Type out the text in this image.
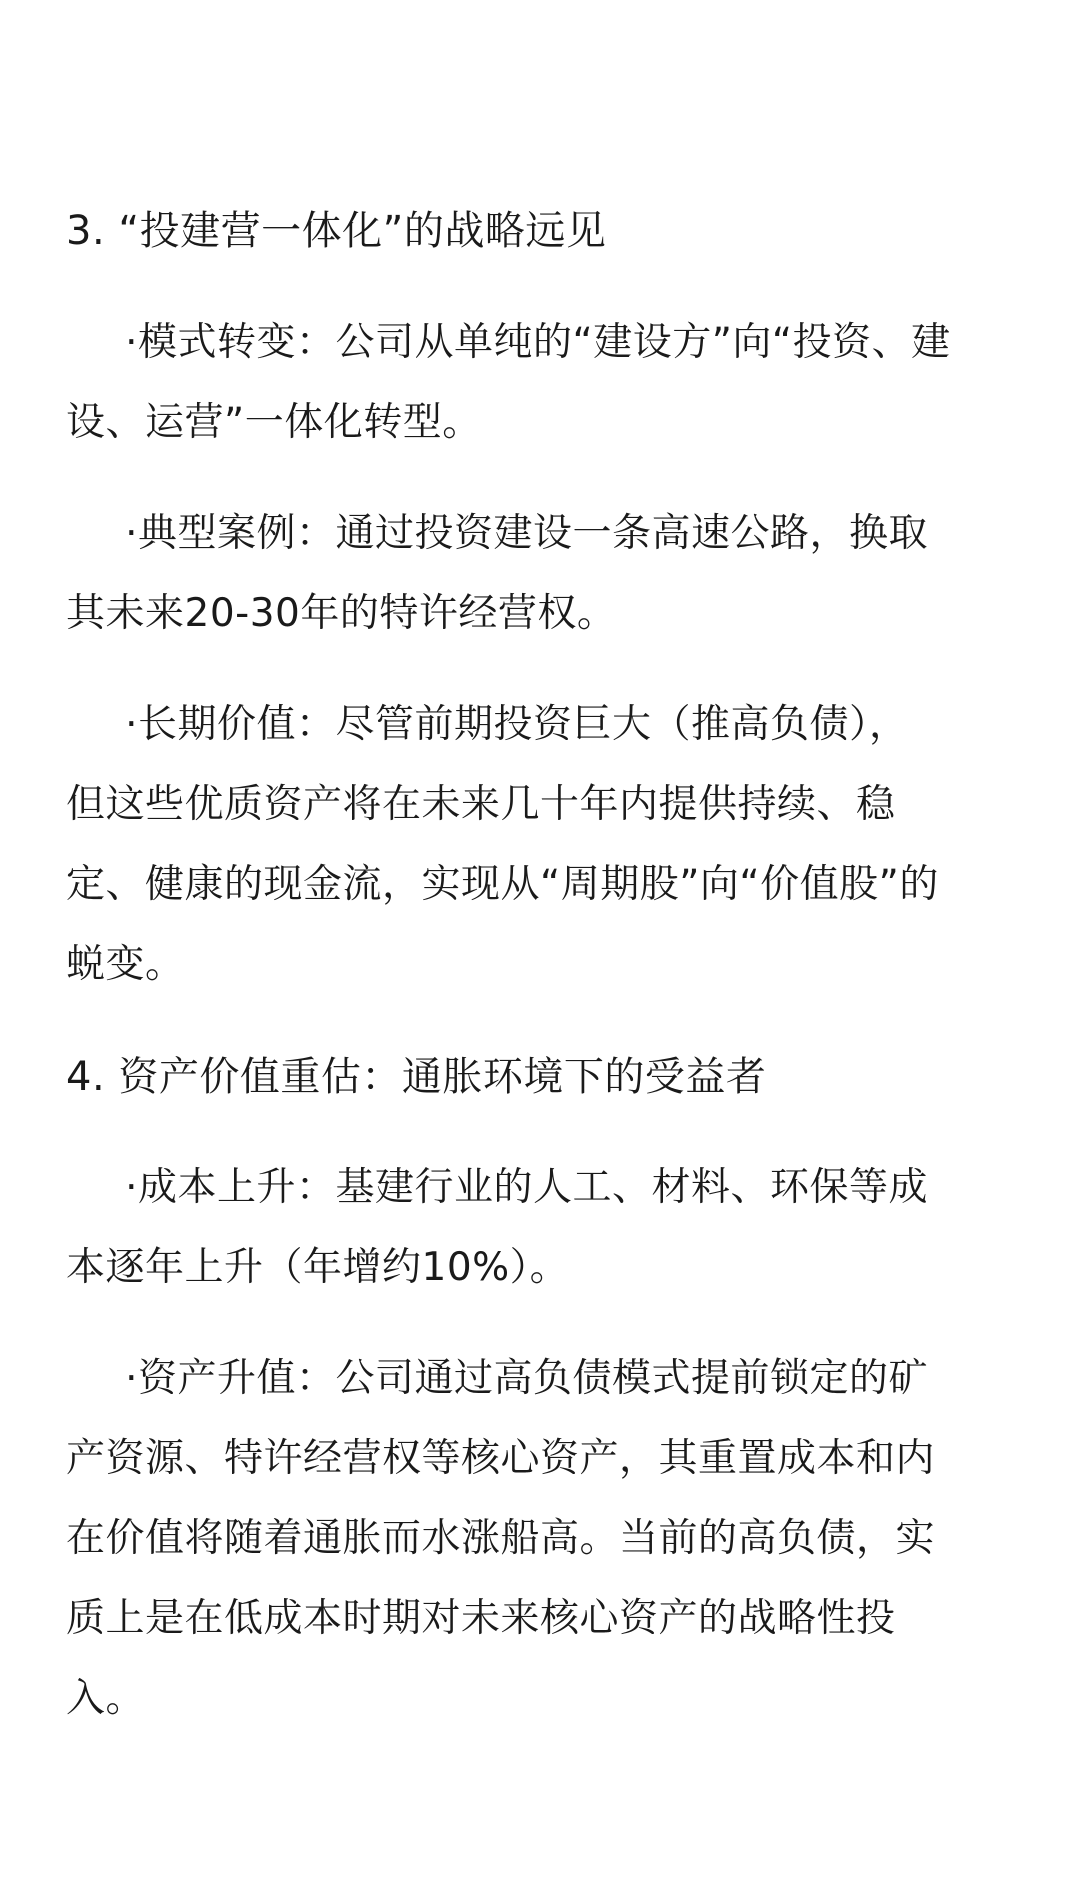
3. “投建营一体化”的战略远见
·模式转变：公司从单纯的“建设方”向“投资、建
设、运营”一体化转型。
·典型案例：通过投资建设一条高速公路，换取
其未来20-30年的特许经营权。
·长期价值：尽管前期投资巨大（推高负债），
但这些优质资产将在未来几十年内提供持续、稳
定、健康的现金流，实现从“周期股”向“价值股”的
蜕变。
4. 资产价值重估：通胀环境下的受益者
·成本上升：基建行业的人工、材料、环保等成
本逐年上升（年增约10%）。
·资产升值：公司通过高负债模式提前锁定的矿
产资源、特许经营权等核心资产，其重置成本和内
在价值将随着通胀而水涨船高。当前的高负债，实
质上是在低成本时期对未来核心资产的战略性投
入。
